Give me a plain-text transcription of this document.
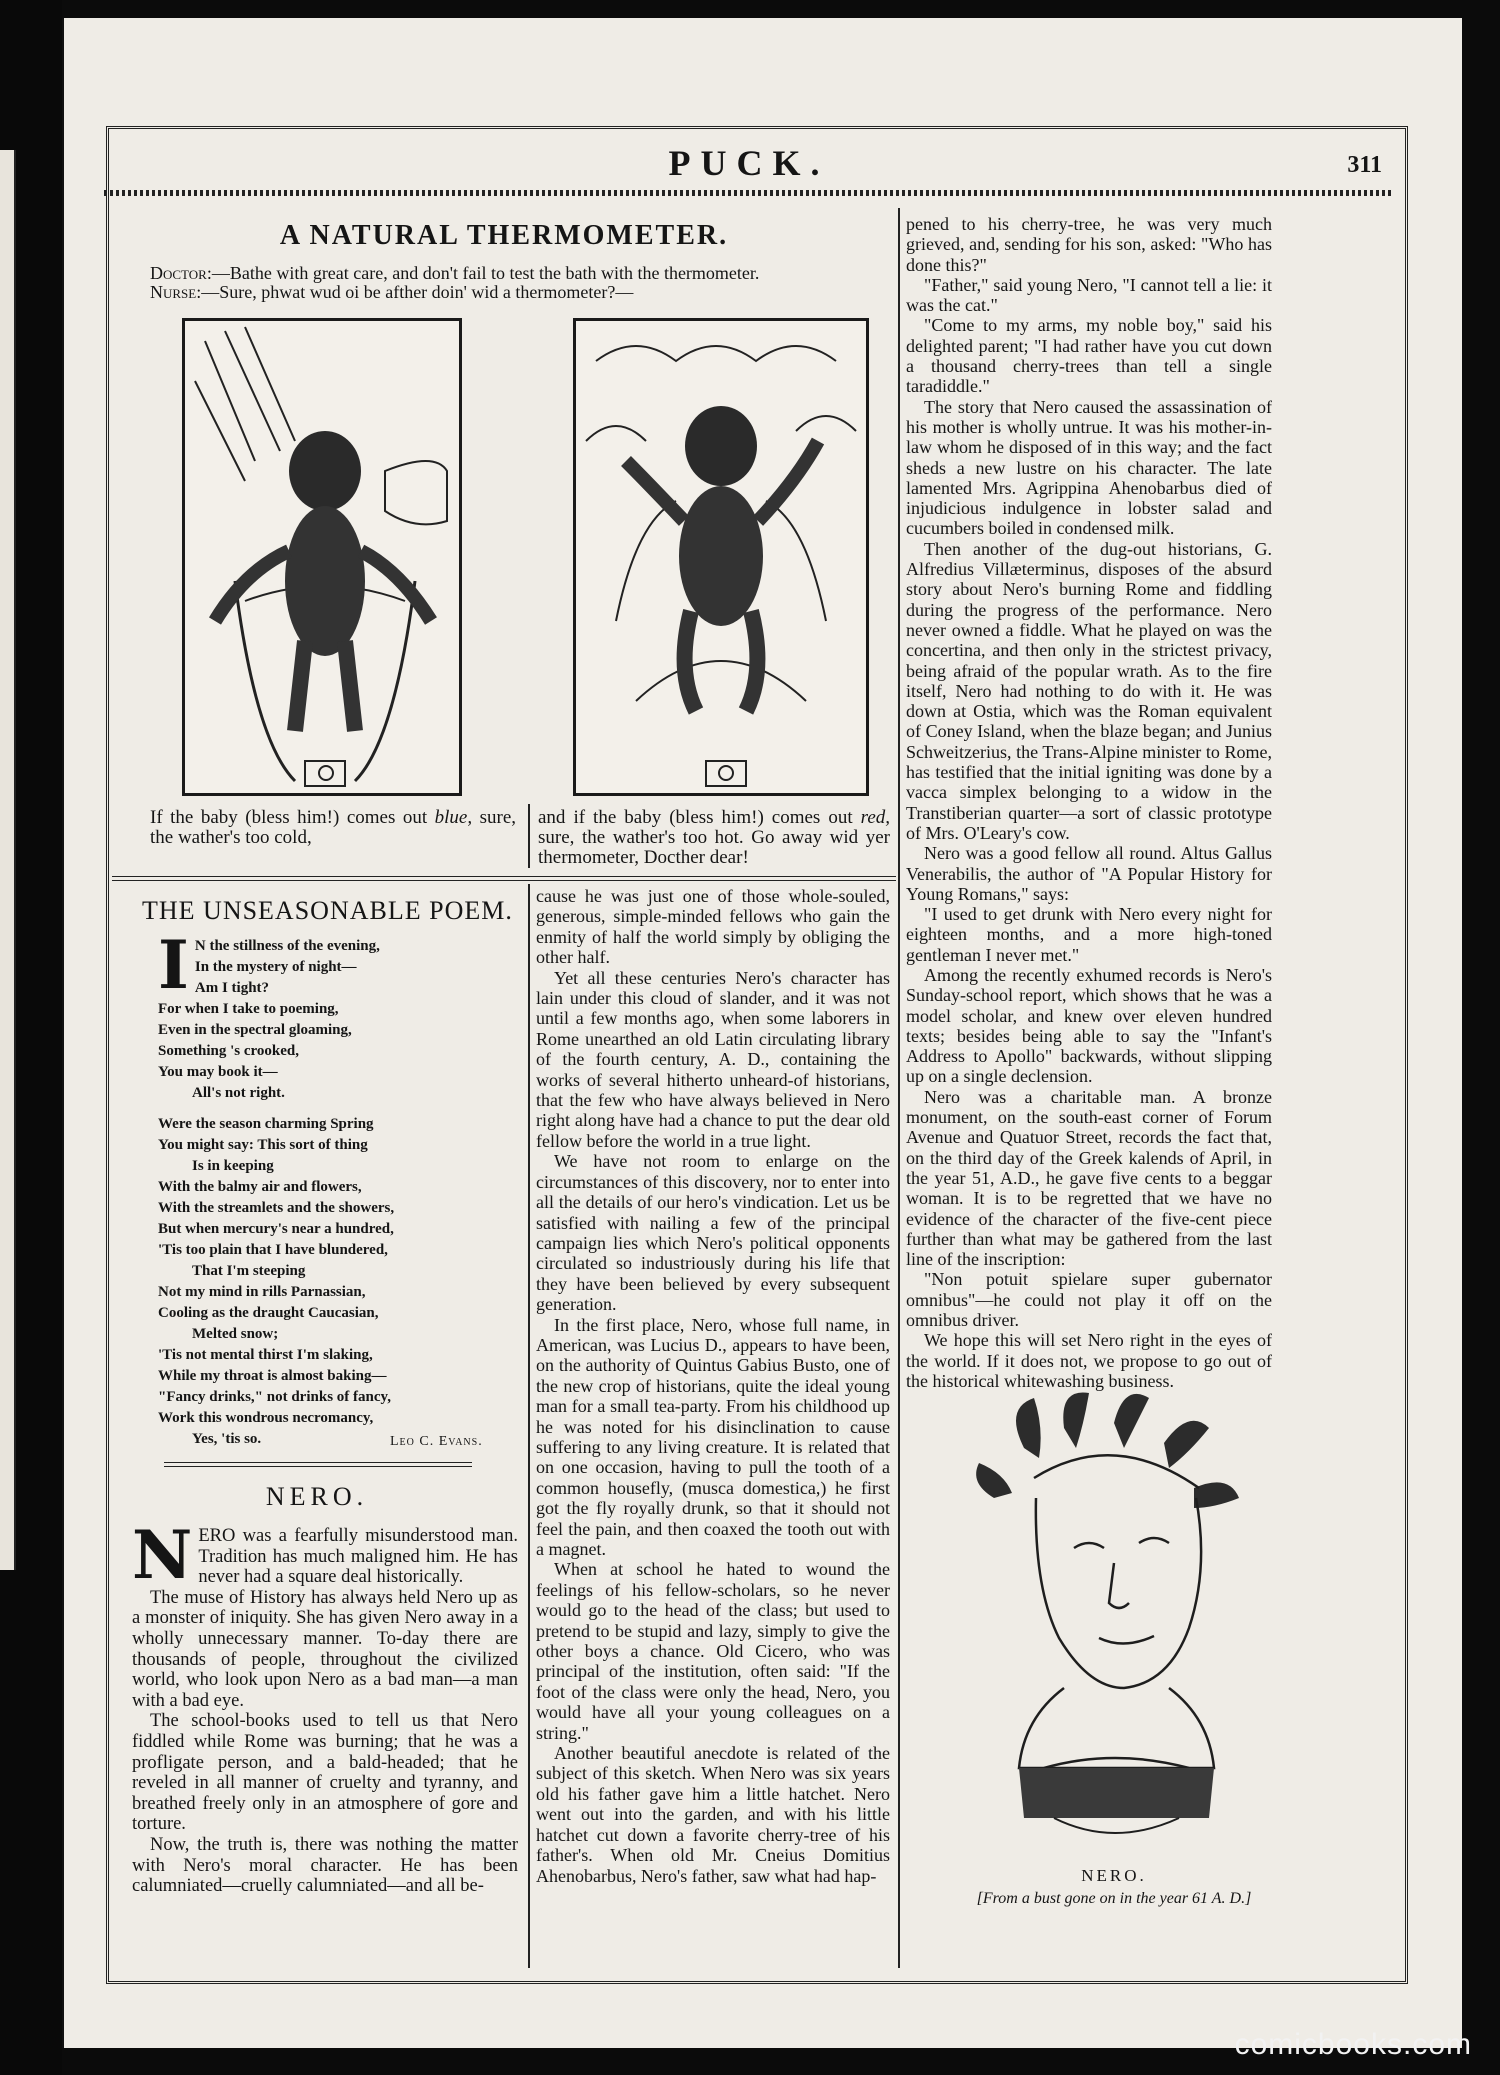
PUCK.	311
A NATURAL THERMOMETER.
Doctor:—Bathe with great care, and don't fail to test the bath with the thermometer.
Nurse:—Sure, phwat wud oi be afther doin' wid a thermometer?—
If the baby (bless him!) comes out blue, sure, the wather's too cold,
and if the baby (bless him!) comes out red, sure, the wather's too hot. Go away wid yer thermometer, Docther dear!
THE UNSEASONABLE POEM.
I N the stillness of the evening,
In the mystery of night—
Am I tight?
For when I take to poeming,
Even in the spectral gloaming,
Something 's crooked,
You may book it—
All's not right.
Were the season charming Spring
You might say: This sort of thing
Is in keeping
With the balmy air and flowers,
With the streamlets and the showers,
But when mercury's near a hundred,
'Tis too plain that I have blundered,
That I'm steeping
Not my mind in rills Parnassian,
Cooling as the draught Caucasian,
Melted snow;
'Tis not mental thirst I'm slaking,
While my throat is almost baking—
"Fancy drinks," not drinks of fancy,
Work this wondrous necromancy,
Yes, 'tis so.	Leo C. Evans.
NERO.

NERO was a fearfully misunderstood man. Tradition has much maligned him. He has never had a square deal historically.

The muse of History has always held Nero up as a monster of iniquity. She has given Nero away in a wholly unnecessary manner. To-day there are thousands of people, throughout the civilized world, who look upon Nero as a bad man—a man with a bad eye.

The school-books used to tell us that Nero fiddled while Rome was burning; that he was a profligate person, and a bald-headed; that he reveled in all manner of cruelty and tyranny, and breathed freely only in an atmosphere of gore and torture.

Now, the truth is, there was nothing the matter with Nero's moral character. He has been calumniated—cruelly calumniated—and all be-

cause he was just one of those whole-souled, generous, simple-minded fellows who gain the enmity of half the world simply by obliging the other half.

Yet all these centuries Nero's character has lain under this cloud of slander, and it was not until a few months ago, when some laborers in Rome unearthed an old Latin circulating library of the fourth century, A. D., containing the works of several hitherto unheard-of historians, that the few who have always believed in Nero right along have had a chance to put the dear old fellow before the world in a true light.

We have not room to enlarge on the circumstances of this discovery, nor to enter into all the details of our hero's vindication. Let us be satisfied with nailing a few of the principal campaign lies which Nero's political opponents circulated so industriously during his life that they have been believed by every subsequent generation.

In the first place, Nero, whose full name, in American, was Lucius D., appears to have been, on the authority of Quintus Gabius Busto, one of the new crop of historians, quite the ideal young man for a small tea-party. From his childhood up he was noted for his disinclination to cause suffering to any living creature. It is related that on one occasion, having to pull the tooth of a common housefly, (musca domestica,) he first got the fly royally drunk, so that it should not feel the pain, and then coaxed the tooth out with a magnet.

When at school he hated to wound the feelings of his fellow-scholars, so he never would go to the head of the class; but used to pretend to be stupid and lazy, simply to give the other boys a chance. Old Cicero, who was principal of the institution, often said: "If the foot of the class were only the head, Nero, you would have all your young colleagues on a string."

Another beautiful anecdote is related of the subject of this sketch. When Nero was six years old his father gave him a little hatchet. Nero went out into the garden, and with his little hatchet cut down a favorite cherry-tree of his father's. When old Mr. Cneius Domitius Ahenobarbus, Nero's father, saw what had hap-

pened to his cherry-tree, he was very much grieved, and, sending for his son, asked: "Who has done this?"

"Father," said young Nero, "I cannot tell a lie: it was the cat."

"Come to my arms, my noble boy," said his delighted parent; "I had rather have you cut down a thousand cherry-trees than tell a single taradiddle."

The story that Nero caused the assassination of his mother is wholly untrue. It was his mother-in-law whom he disposed of in this way; and the fact sheds a new lustre on his character. The late lamented Mrs. Agrippina Ahenobarbus died of injudicious indulgence in lobster salad and cucumbers boiled in condensed milk.

Then another of the dug-out historians, G. Alfredius Villæterminus, disposes of the absurd story about Nero's burning Rome and fiddling during the progress of the performance. Nero never owned a fiddle. What he played on was the concertina, and then only in the strictest privacy, being afraid of the popular wrath. As to the fire itself, Nero had nothing to do with it. He was down at Ostia, which was the Roman equivalent of Coney Island, when the blaze began; and Junius Schweitzerius, the Trans-Alpine minister to Rome, has testified that the initial igniting was done by a vacca simplex belonging to a widow in the Transtiberian quarter—a sort of classic prototype of Mrs. O'Leary's cow.

Nero was a good fellow all round. Altus Gallus Venerabilis, the author of "A Popular History for Young Romans," says:

"I used to get drunk with Nero every night for eighteen months, and a more high-toned gentleman I never met."

Among the recently exhumed records is Nero's Sunday-school report, which shows that he was a model scholar, and knew over eleven hundred texts; besides being able to say the "Infant's Address to Apollo" backwards, without slipping up on a single declension.

Nero was a charitable man. A bronze monument, on the south-east corner of Forum Avenue and Quatuor Street, records the fact that, on the third day of the Greek kalends of April, in the year 51, A.D., he gave five cents to a beggar woman. It is to be regretted that we have no evidence of the character of the five-cent piece further than what may be gathered from the last line of the inscription:

"Non potuit spielare super gubernator omnibus"—he could not play it off on the omnibus driver.

We hope this will set Nero right in the eyes of the world. If it does not, we propose to go out of the historical whitewashing business.

NERO.
[From a bust gone on in the year 61 A. D.]
comicbooks.com
